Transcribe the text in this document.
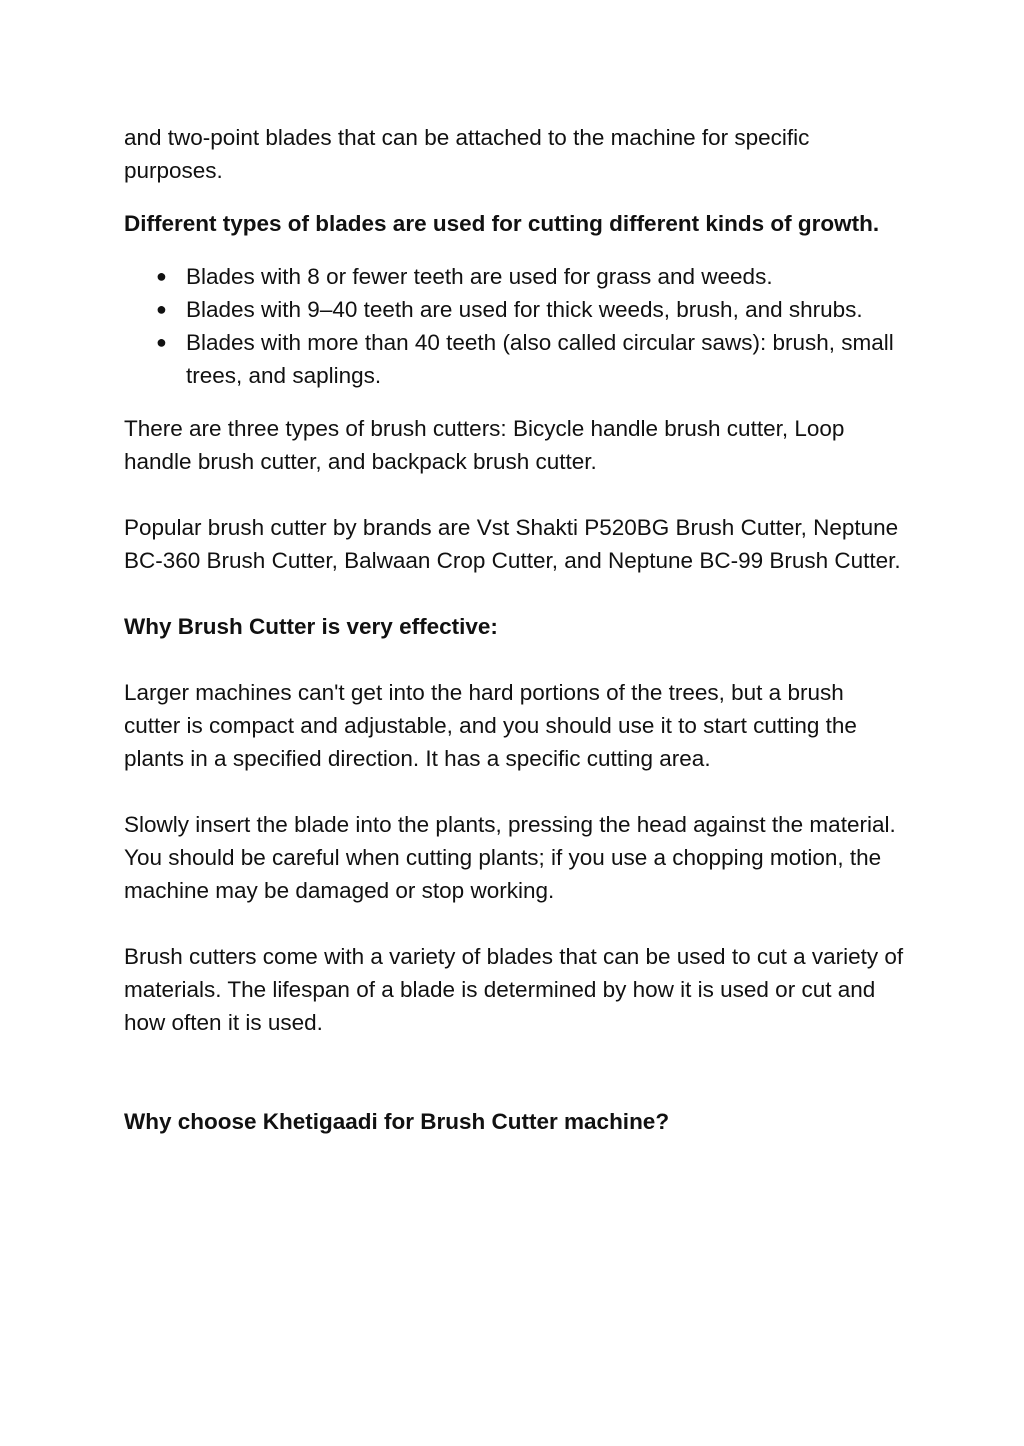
and two-point blades that can be attached to the machine for specific purposes.

Different types of blades are used for cutting different kinds of growth.

● Blades with 8 or fewer teeth are used for grass and weeds.
● Blades with 9–40 teeth are used for thick weeds, brush, and shrubs.
● Blades with more than 40 teeth (also called circular saws): brush, small trees, and saplings.

There are three types of brush cutters: Bicycle handle brush cutter, Loop handle brush cutter, and backpack brush cutter.

Popular brush cutter by brands are Vst Shakti P520BG Brush Cutter, Neptune BC-360 Brush Cutter, Balwaan Crop Cutter, and Neptune BC-99 Brush Cutter.

Why Brush Cutter is very effective:

Larger machines can't get into the hard portions of the trees, but a brush cutter is compact and adjustable, and you should use it to start cutting the plants in a specified direction. It has a specific cutting area.

Slowly insert the blade into the plants, pressing the head against the material. You should be careful when cutting plants; if you use a chopping motion, the machine may be damaged or stop working.

Brush cutters come with a variety of blades that can be used to cut a variety of materials. The lifespan of a blade is determined by how it is used or cut and how often it is used.

Why choose Khetigaadi for Brush Cutter machine?
